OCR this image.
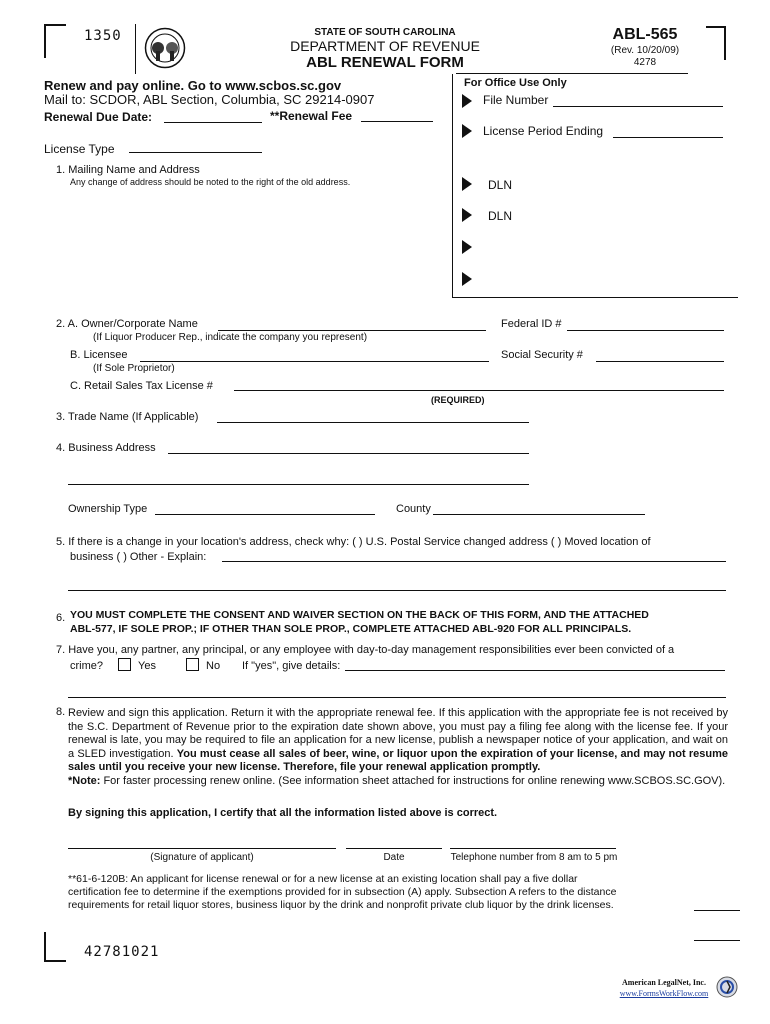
1350	STATE OF SOUTH CAROLINA
DEPARTMENT OF REVENUE
ABL RENEWAL FORM
ABL-565
(Rev. 10/20/09)
4278
Renew and pay online. Go to www.scbos.sc.gov
Mail to: SCDOR, ABL Section, Columbia, SC 29214-0907
Renewal Due Date:	**Renewal Fee
License Type
1. Mailing Name and Address
Any change of address should be noted to the right of the old address.
For Office Use Only
File Number
License Period Ending
DLN
DLN
2. A. Owner/Corporate Name
(If Liquor Producer Rep., indicate the company you represent)
Federal ID #
B. Licensee
(If Sole Proprietor)
Social Security #
C. Retail Sales Tax License #
(REQUIRED)
3. Trade Name (If Applicable)
4. Business Address
Ownership Type	County
5. If there is a change in your location's address, check why: ( ) U.S. Postal Service changed address ( ) Moved location of
business ( ) Other - Explain:
6. YOU MUST COMPLETE THE CONSENT AND WAIVER SECTION ON THE BACK OF THIS FORM, AND THE ATTACHED
ABL-577, IF SOLE PROP.; IF OTHER THAN SOLE PROP., COMPLETE ATTACHED ABL-920 FOR ALL PRINCIPALS.
7. Have you, any partner, any principal, or any employee with day-to-day management responsibilities ever been convicted of a
crime?	Yes	No If "yes", give details:
8. Review and sign this application. Return it with the appropriate renewal fee. If this application with the appropriate fee is not received by the S.C. Department of Revenue prior to the expiration date shown above, you must pay a filing fee along with the license fee. If your renewal is late, you may be required to file an application for a new license, publish a newspaper notice of your application, and wait on a SLED investigation. You must cease all sales of beer, wine, or liquor upon the expiration of your license, and may not resume sales until you receive your new license. Therefore, file your renewal application promptly.
*Note: For faster processing renew online. (See information sheet attached for instructions for online renewing www.SCBOS.SC.GOV).
By signing this application, I certify that all the information listed above is correct.
(Signature of applicant)	Date	Telephone number from 8 am to 5 pm
**61-6-120B: An applicant for license renewal or for a new license at an existing location shall pay a five dollar certification fee to determine if the exemptions provided for in subsection (A) apply. Subsection A refers to the distance requirements for retail liquor stores, business liquor by the drink and nonprofit private club liquor by the drink licenses.
42781021
American LegalNet, Inc.
www.FormsWorkFlow.com
